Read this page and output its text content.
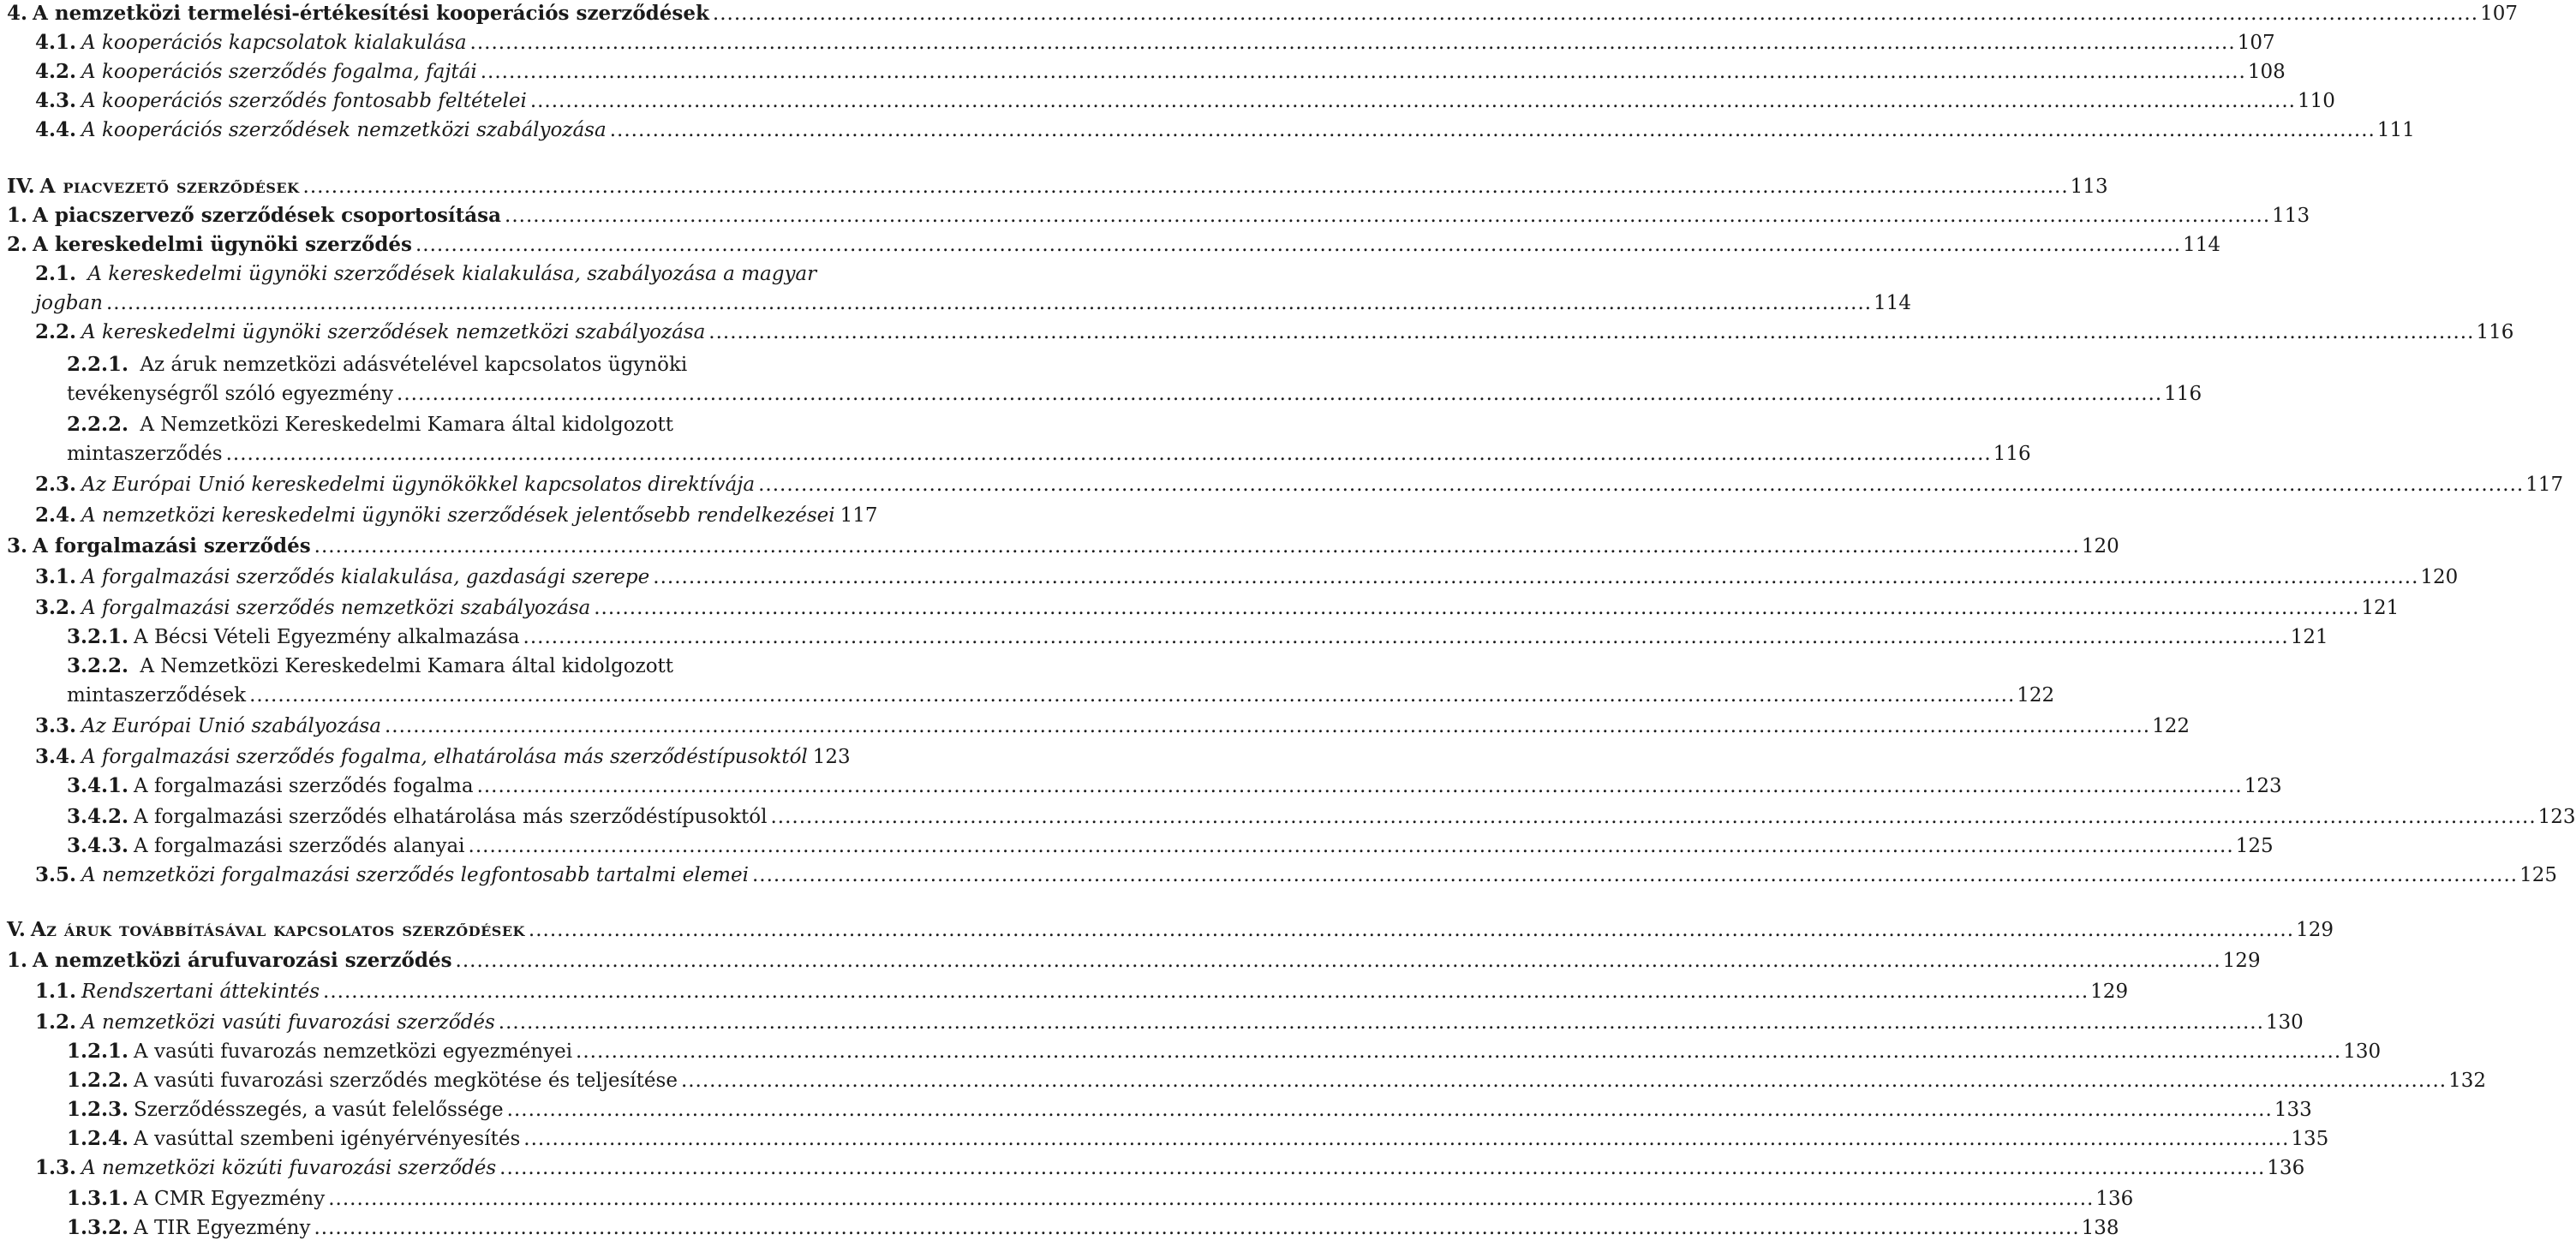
4. A nemzetközi termelési-értékesítési kooperációs szerződések .....	107
4.1. A kooperációs kapcsolatok kialakulása .....	107
4.2. A kooperációs szerződés fogalma, fajtái .....	108
4.3. A kooperációs szerződés fontosabb feltételei .....	110
4.4. A kooperációs szerződések nemzetközi szabályozása .....	111
IV. A piacvezető szerződések .....	113
1. A piacszervező szerződések csoportosítása .....	113
2. A kereskedelmi ügynöki szerződés .....	114
2.1. A kereskedelmi ügynöki szerződések kialakulása, szabályozása a magyar
jogban .....	114
2.2. A kereskedelmi ügynöki szerződések nemzetközi szabályozása .....	116
2.2.1. Az áruk nemzetközi adásvételével kapcsolatos ügynöki
tevékenységről szóló egyezmény .....	116
2.2.2. A Nemzetközi Kereskedelmi Kamara által kidolgozott
mintaszerződés .....	116
2.3. Az Európai Unió kereskedelmi ügynökökkel kapcsolatos direktívája .....	117
2.4. A nemzetközi kereskedelmi ügynöki szerződések jelentősebb rendelkezései 117
3. A forgalmazási szerződés .....	120
3.1. A forgalmazási szerződés kialakulása, gazdasági szerepe .....	120
3.2. A forgalmazási szerződés nemzetközi szabályozása .....	121
3.2.1. A Bécsi Vételi Egyezmény alkalmazása .....	121
3.2.2. A Nemzetközi Kereskedelmi Kamara által kidolgozott
mintaszerződések .....	122
3.3. Az Európai Unió szabályozása .....	122
3.4. A forgalmazási szerződés fogalma, elhatárolása más szerződéstípusoktól 123
3.4.1. A forgalmazási szerződés fogalma .....	123
3.4.2. A forgalmazási szerződés elhatárolása más szerződéstípusoktól .....	123
3.4.3. A forgalmazási szerződés alanyai .....	125
3.5. A nemzetközi forgalmazási szerződés legfontosabb tartalmi elemei .....	125
V. Az áruk továbbításával kapcsolatos szerződések .....	129
1. A nemzetközi árufuvarozási szerződés .....	129
1.1. Rendszertani áttekintés .....	129
1.2. A nemzetközi vasúti fuvarozási szerződés .....	130
1.2.1. A vasúti fuvarozás nemzetközi egyezményei .....	130
1.2.2. A vasúti fuvarozási szerződés megkötése és teljesítése .....	132
1.2.3. Szerződésszegés, a vasút felelőssége .....	133
1.2.4. A vasúttal szembeni igényérvényesítés .....	135
1.3. A nemzetközi közúti fuvarozási szerződés .....	136
1.3.1. A CMR Egyezmény .....	136
1.3.2. A TIR Egyezmény .....	138
